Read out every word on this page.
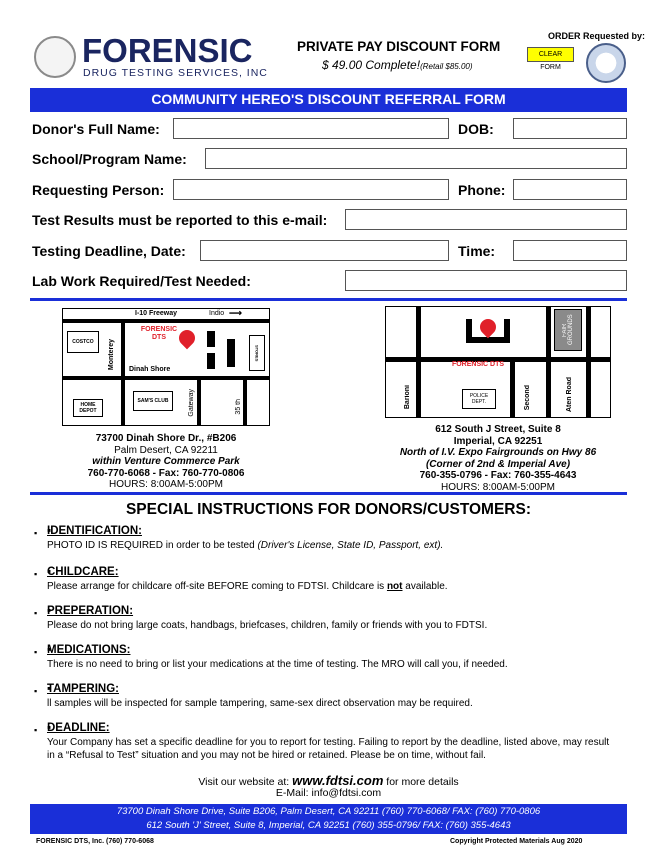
FORENSIC
DRUG TESTING SERVICES, INC
PRIVATE PAY DISCOUNT FORM
$ 49.00 Complete!(Retail $85.00)
ORDER Requested by:
CLEAR FORM
COMMUNITY HEREO'S DISCOUNT REFERRAL FORM
Donor's Full Name:	DOB:
School/Program Name:
Requesting Person:	Phone:
Test Results must be reported to this e-mail:
Testing Deadline, Date:	Time:
Lab Work Required/Test Needed:
I-10 Freeway	Indio ⟶
COSTCO	Monterey
FORENSIC DTS
STORES
Dinah Shore
HOME DEPOT
SAM'S CLUB	Gateway	35 th
FAIR GROUNDS
FORENSIC DTS
Barioni	POLICE DEPT.	Second	Aten Road
73700 Dinah Shore Dr., #B206
Palm Desert, CA 92211
within Venture Commerce Park
760-770-6068 - Fax: 760-770-0806
HOURS: 8:00AM-5:00PM
612 South J Street, Suite 8
Imperial, CA 92251
North of I.V. Expo Fairgrounds on Hwy 86
(Corner of 2nd & Imperial Ave)
760-355-0796 - Fax: 760-355-4643
HOURS: 8:00AM-5:00PM
SPECIAL INSTRUCTIONS FOR DONORS/CUSTOMERS:
▪ ▪ IDENTIFICATION:
PHOTO ID IS REQUIRED in order to be tested (Driver's License, State ID, Passport, ext).
▪ ▪ CHILDCARE:
Please arrange for childcare off-site BEFORE coming to FDTSI. Childcare is not available.
▪ ▪ PREPERATION:
Please do not bring large coats, handbags, briefcases, children, family or friends with you to FDTSI.
▪ ▪ MEDICATIONS:
There is no need to bring or list your medications at the time of testing. The MRO will call you, if needed.
▪ ▪ TAMPERING:
ll samples will be inspected for sample tampering, same-sex direct observation may be required.
▪ ▪ DEADLINE:
Your Company has set a specific deadline for you to report for testing. Failing to report by the deadline, listed above, may result in a “Refusal to Test” situation and you may not be hired or retained. Please be on time, without fail.
Visit our website at: www.fdtsi.com for more details
E-Mail: info@fdtsi.com
73700 Dinah Shore Drive, Suite B206, Palm Desert, CA 92211 (760) 770-6068/ FAX: (760) 770-0806
612 South 'J' Street, Suite 8, Imperial, CA 92251 (760) 355-0796/ FAX: (760) 355-4643
FORENSIC DTS, Inc. (760) 770-6068	Copyright Protected Materials Aug 2020
